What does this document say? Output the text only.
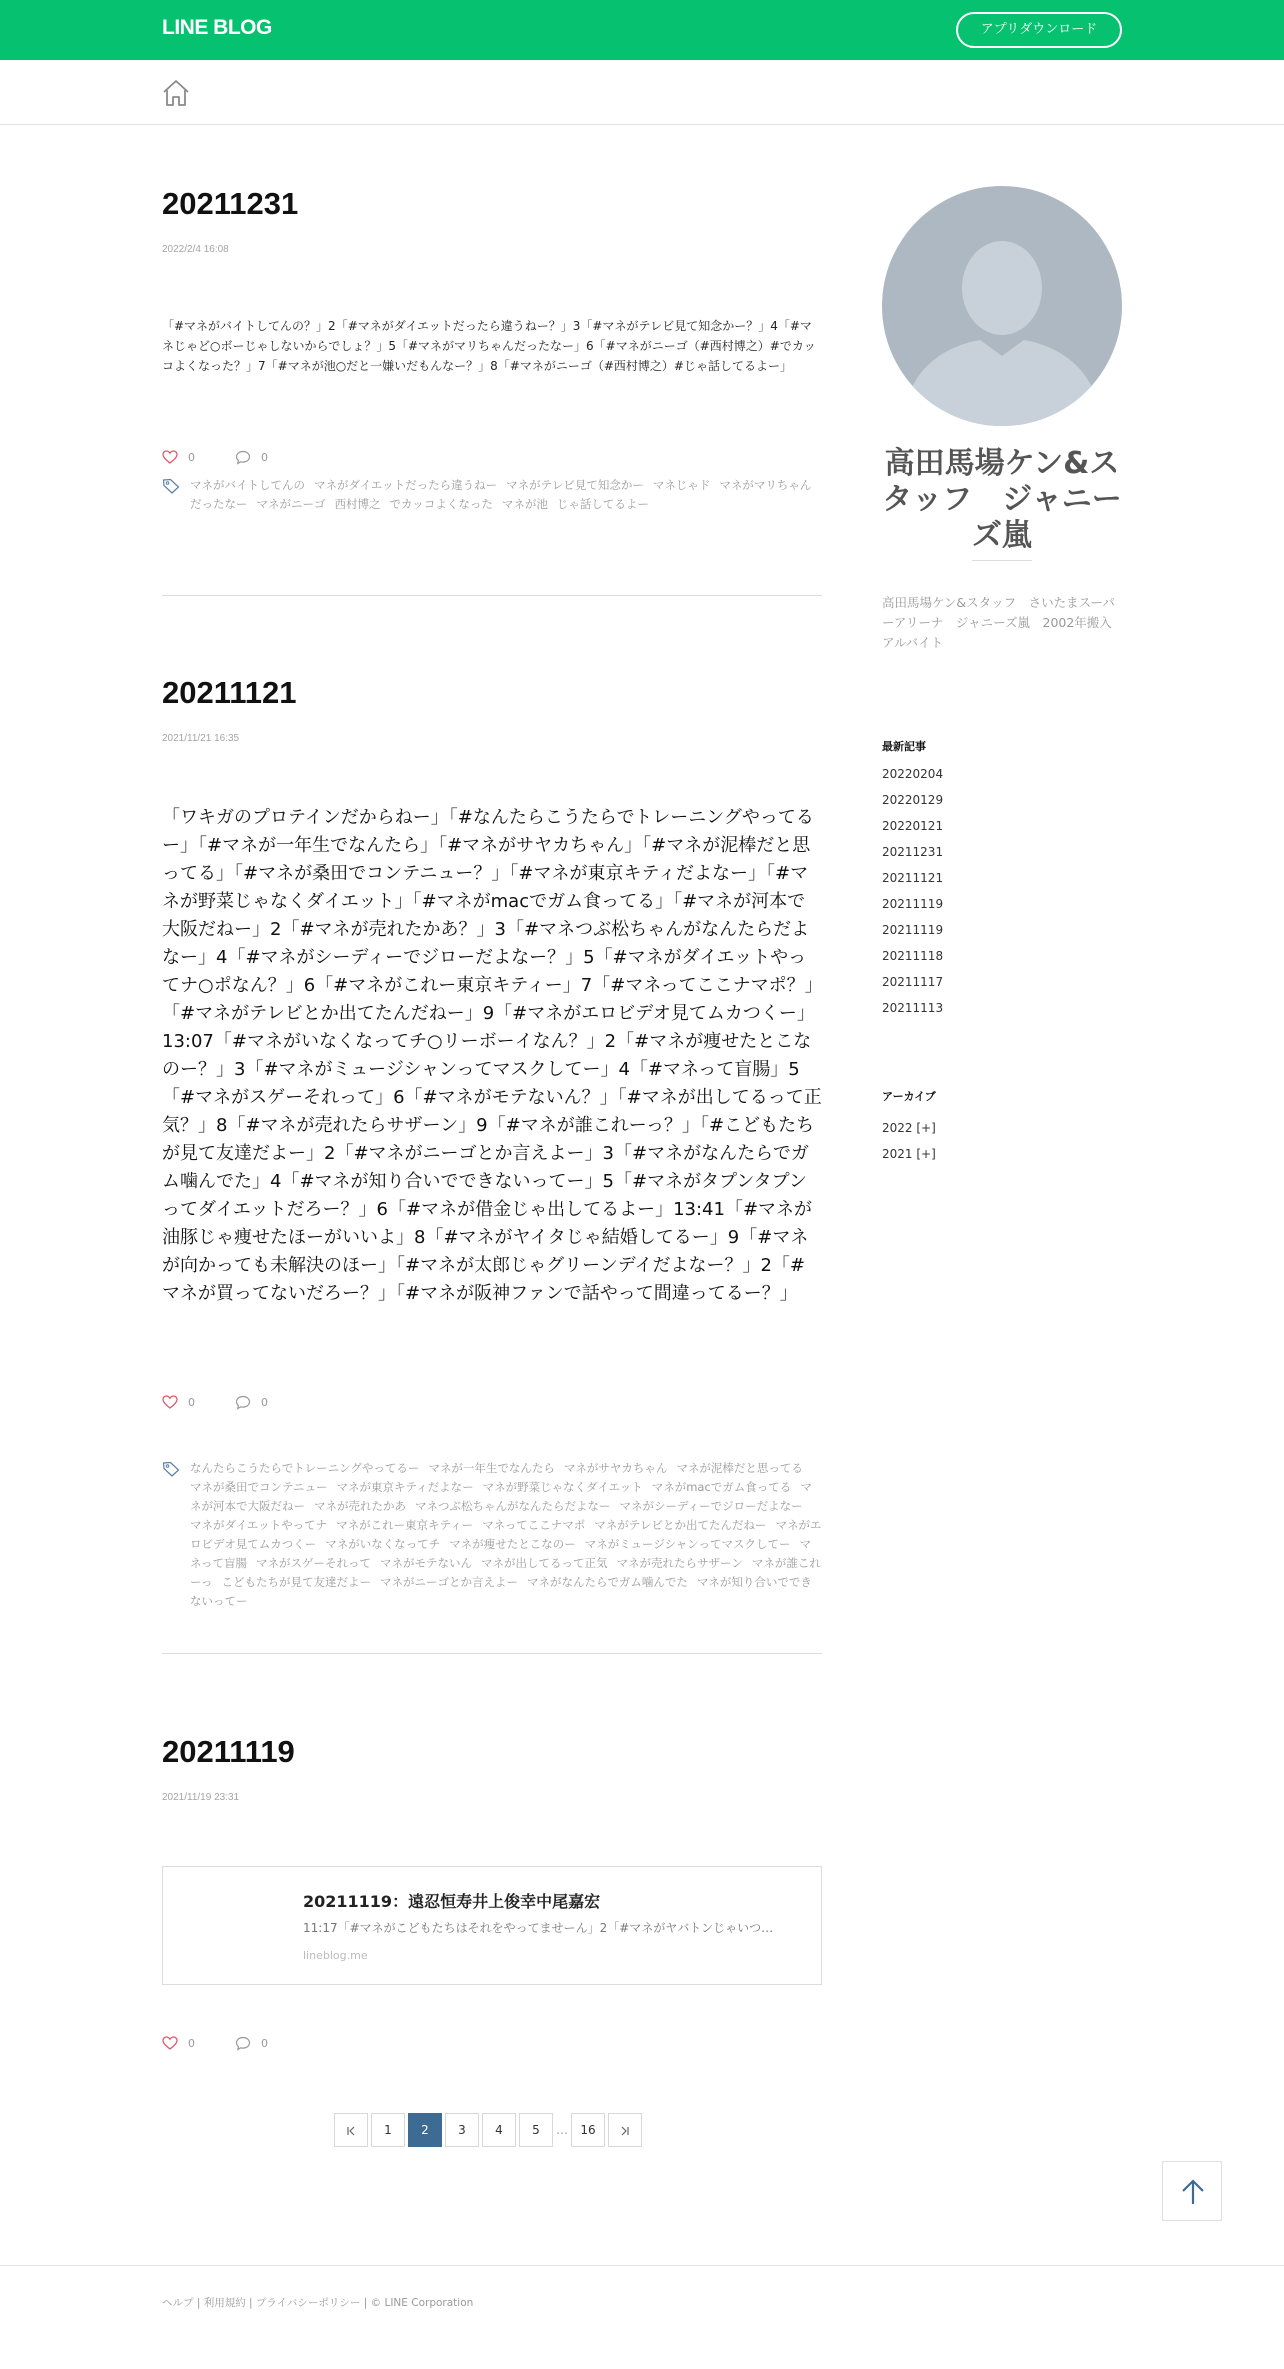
LINE BLOG	アプリダウンロード
20211231
2022/2/4 16:08
「#マネがバイトしてんの？」2「#マネがダイエットだったら違うねー？」3「#マネがテレビ見て知念かー？」4「#マネじゃど○ボーじゃしないからでしょ？」5「#マネがマリちゃんだったなー」6「#マネがニーゴ（#西村博之）#でカッコよくなった？」7「#マネが池○だと一嫌いだもんなー？」8「#マネがニーゴ（#西村博之）#じゃ話してるよー」
0	0
マネがバイトしてんの マネがダイエットだったら違うねー マネがテレビ見て知念かー マネじゃド マネがマリちゃんだったなー マネがニーゴ 西村博之 でカッコよくなった マネが池 じゃ話してるよー
20211121
2021/11/21 16:35
「ワキガのプロテインだからねー」「#なんたらこうたらでトレーニングやってるー」「#マネが一年生でなんたら」「#マネがサヤカちゃん」「#マネが泥棒だと思ってる」「#マネが桑田でコンテニュー？」「#マネが東京キティだよなー」「#マネが野菜じゃなくダイエット」「#マネがmacでガム食ってる」「#マネが河本で大阪だねー」2「#マネが売れたかあ？」3「#マネつぶ松ちゃんがなんたらだよなー」4「#マネがシーディーでジローだよなー？」5「#マネがダイエットやってナ○ポなん？」6「#マネがこれー東京キティー」7「#マネってここナマポ？」「#マネがテレビとか出てたんだねー」9「#マネがエロビデオ見てムカつくー」13:07「#マネがいなくなってチ○リーボーイなん？」2「#マネが痩せたとこなのー？」3「#マネがミュージシャンってマスクしてー」4「#マネって盲腸」5「#マネがスゲーそれって」6「#マネがモテないん？」「#マネが出してるって正気？」8「#マネが売れたらサザーン」9「#マネが誰これーっ？」「#こどもたちが見て友達だよー」2「#マネがニーゴとか言えよー」3「#マネがなんたらでガム噛んでた」4「#マネが知り合いでできないってー」5「#マネがタプンタプンってダイエットだろー？」6「#マネが借金じゃ出してるよー」13:41「#マネが油豚じゃ痩せたほーがいいよ」8「#マネがヤイタじゃ結婚してるー」9「#マネが向かっても未解決のほー」「#マネが太郎じゃグリーンデイだよなー？」2「#マネが買ってないだろー？」「#マネが阪神ファンで話やって間違ってるー？」
0	0
なんたらこうたらでトレーニングやってるー マネが一年生でなんたら マネがサヤカちゃん マネが泥棒だと思ってるマネが桑田でコンテニュー マネが東京キティだよなー マネが野菜じゃなくダイエット マネがmacでガム食ってる マネが河本で大阪だねー マネが売れたかあ マネつぶ松ちゃんがなんたらだよなー マネがシーディーでジローだよなーマネがダイエットやってナ マネがこれー東京キティー マネってここナマポ マネがテレビとか出てたんだねー マネがエロビデオ見てムカつくー マネがいなくなってチ マネが痩せたとこなのー マネがミュージシャンってマスクしてー マネって盲腸 マネがスゲーそれって マネがモテないん マネが出してるって正気 マネが売れたらサザーン マネが誰これーっ こどもたちが見て友達だよー マネがニーゴとか言えよー マネがなんたらでガム噛んでた マネが知り合いでできないってー
20211119
2021/11/19 23:31
20211119：遠忍恒寿井上俊幸中尾嘉宏
11:17「#マネがこどもたちはそれをやってませーん」2「#マネがヤバトンじゃいつ…
lineblog.me
0	0
1	2	3	4	5	…	16
高田馬場ケン&スタッフ　ジャニーズ嵐
高田馬場ケン&スタッフ　さいたまスーパーアリーナ　ジャニーズ嵐　2002年搬入アルバイト
最新記事
20220204
20220129
20220121
20211231
20211121
20211119
20211119
20211118
20211117
20211113
アーカイブ
2022 [+]
2021 [+]
ヘルプ | 利用規約 | プライバシーポリシー | © LINE Corporation
